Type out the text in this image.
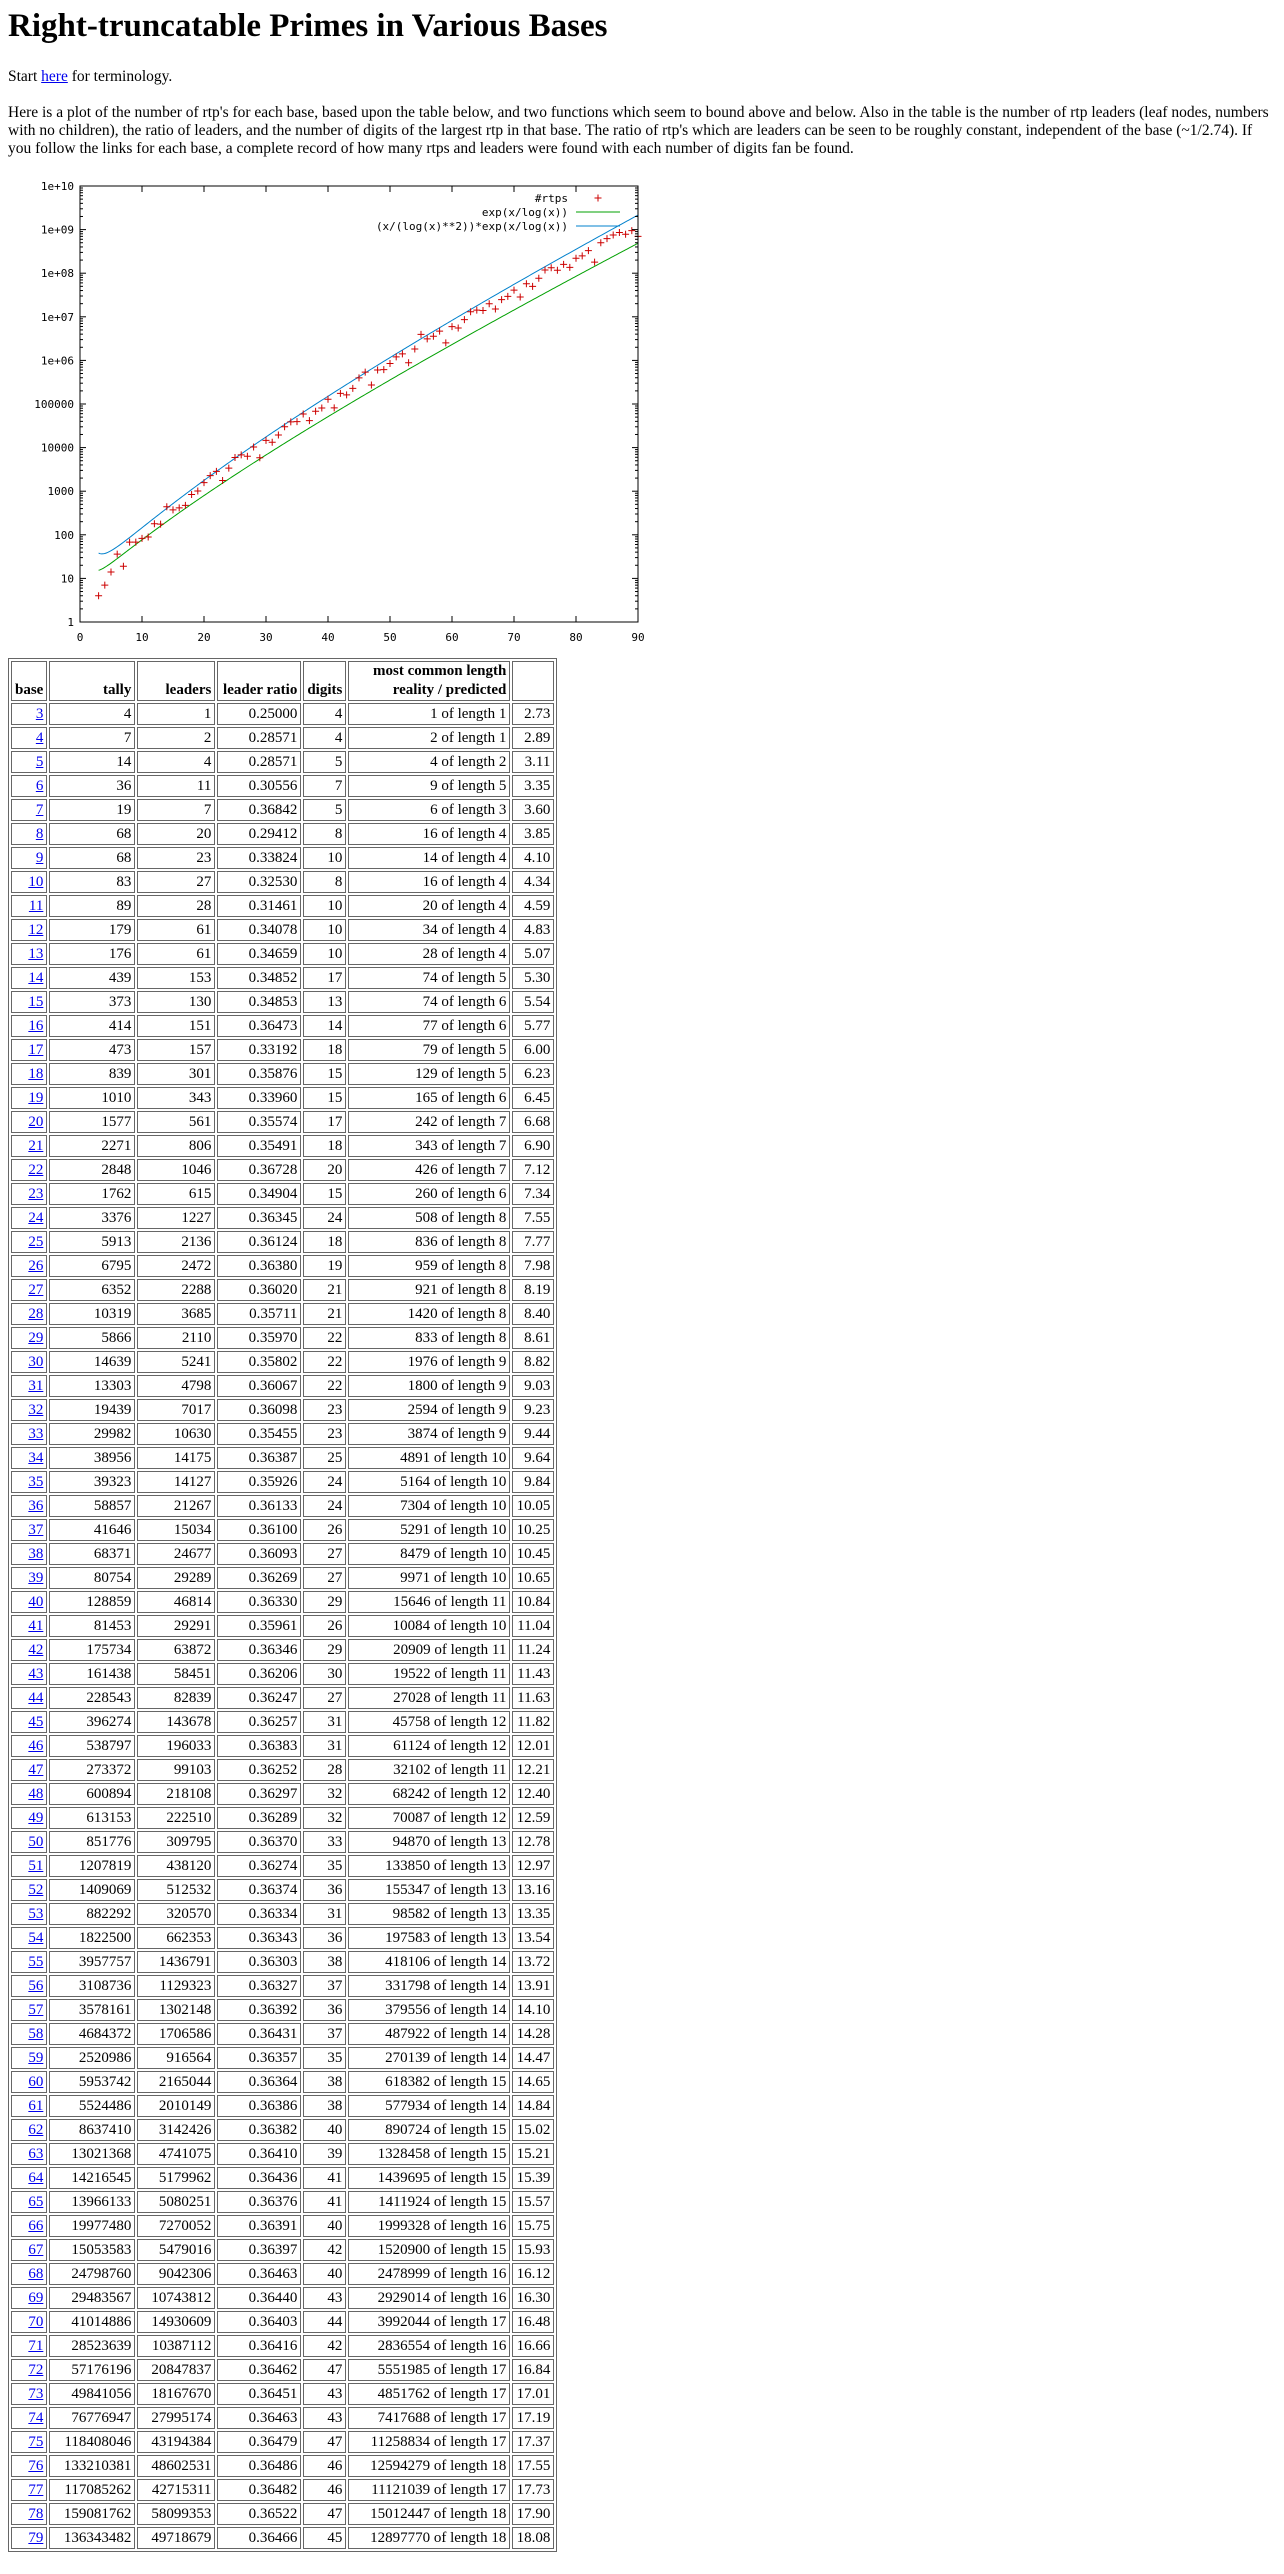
Right-truncatable Primes in Various Bases

Start here for terminology.

Here is a plot of the number of rtp's for each base, based upon the table below, and two functions which seem to bound above and below. Also in the table is the number of rtp leaders (leaf nodes, numbers with no children), the ratio of leaders, and the number of digits of the largest rtp in that base. The ratio of rtp's which are leaders can be seen to be roughly constant, independent of the base (~1/2.74). If you follow the links for each base, a complete record of how many rtps and leaders were found with each number of digits fan be found.

1
10
100
1000
10000
100000
1e+06
1e+07
1e+08
1e+09
1e+10
0	10	20	30	40	50	60	70	80	90
#rtps
exp(x/log(x))
(x/(log(x)**2))*exp(x/log(x))
base	tally	leaders	leader ratio	digits	most common length
reality / predicted	
3	4	1	0.25000	4	1 of length 1	2.73
4	7	2	0.28571	4	2 of length 1	2.89
5	14	4	0.28571	5	4 of length 2	3.11
6	36	11	0.30556	7	9 of length 5	3.35
7	19	7	0.36842	5	6 of length 3	3.60
8	68	20	0.29412	8	16 of length 4	3.85
9	68	23	0.33824	10	14 of length 4	4.10
10	83	27	0.32530	8	16 of length 4	4.34
11	89	28	0.31461	10	20 of length 4	4.59
12	179	61	0.34078	10	34 of length 4	4.83
13	176	61	0.34659	10	28 of length 4	5.07
14	439	153	0.34852	17	74 of length 5	5.30
15	373	130	0.34853	13	74 of length 6	5.54
16	414	151	0.36473	14	77 of length 6	5.77
17	473	157	0.33192	18	79 of length 5	6.00
18	839	301	0.35876	15	129 of length 5	6.23
19	1010	343	0.33960	15	165 of length 6	6.45
20	1577	561	0.35574	17	242 of length 7	6.68
21	2271	806	0.35491	18	343 of length 7	6.90
22	2848	1046	0.36728	20	426 of length 7	7.12
23	1762	615	0.34904	15	260 of length 6	7.34
24	3376	1227	0.36345	24	508 of length 8	7.55
25	5913	2136	0.36124	18	836 of length 8	7.77
26	6795	2472	0.36380	19	959 of length 8	7.98
27	6352	2288	0.36020	21	921 of length 8	8.19
28	10319	3685	0.35711	21	1420 of length 8	8.40
29	5866	2110	0.35970	22	833 of length 8	8.61
30	14639	5241	0.35802	22	1976 of length 9	8.82
31	13303	4798	0.36067	22	1800 of length 9	9.03
32	19439	7017	0.36098	23	2594 of length 9	9.23
33	29982	10630	0.35455	23	3874 of length 9	9.44
34	38956	14175	0.36387	25	4891 of length 10	9.64
35	39323	14127	0.35926	24	5164 of length 10	9.84
36	58857	21267	0.36133	24	7304 of length 10	10.05
37	41646	15034	0.36100	26	5291 of length 10	10.25
38	68371	24677	0.36093	27	8479 of length 10	10.45
39	80754	29289	0.36269	27	9971 of length 10	10.65
40	128859	46814	0.36330	29	15646 of length 11	10.84
41	81453	29291	0.35961	26	10084 of length 10	11.04
42	175734	63872	0.36346	29	20909 of length 11	11.24
43	161438	58451	0.36206	30	19522 of length 11	11.43
44	228543	82839	0.36247	27	27028 of length 11	11.63
45	396274	143678	0.36257	31	45758 of length 12	11.82
46	538797	196033	0.36383	31	61124 of length 12	12.01
47	273372	99103	0.36252	28	32102 of length 11	12.21
48	600894	218108	0.36297	32	68242 of length 12	12.40
49	613153	222510	0.36289	32	70087 of length 12	12.59
50	851776	309795	0.36370	33	94870 of length 13	12.78
51	1207819	438120	0.36274	35	133850 of length 13	12.97
52	1409069	512532	0.36374	36	155347 of length 13	13.16
53	882292	320570	0.36334	31	98582 of length 13	13.35
54	1822500	662353	0.36343	36	197583 of length 13	13.54
55	3957757	1436791	0.36303	38	418106 of length 14	13.72
56	3108736	1129323	0.36327	37	331798 of length 14	13.91
57	3578161	1302148	0.36392	36	379556 of length 14	14.10
58	4684372	1706586	0.36431	37	487922 of length 14	14.28
59	2520986	916564	0.36357	35	270139 of length 14	14.47
60	5953742	2165044	0.36364	38	618382 of length 15	14.65
61	5524486	2010149	0.36386	38	577934 of length 14	14.84
62	8637410	3142426	0.36382	40	890724 of length 15	15.02
63	13021368	4741075	0.36410	39	1328458 of length 15	15.21
64	14216545	5179962	0.36436	41	1439695 of length 15	15.39
65	13966133	5080251	0.36376	41	1411924 of length 15	15.57
66	19977480	7270052	0.36391	40	1999328 of length 16	15.75
67	15053583	5479016	0.36397	42	1520900 of length 15	15.93
68	24798760	9042306	0.36463	40	2478999 of length 16	16.12
69	29483567	10743812	0.36440	43	2929014 of length 16	16.30
70	41014886	14930609	0.36403	44	3992044 of length 17	16.48
71	28523639	10387112	0.36416	42	2836554 of length 16	16.66
72	57176196	20847837	0.36462	47	5551985 of length 17	16.84
73	49841056	18167670	0.36451	43	4851762 of length 17	17.01
74	76776947	27995174	0.36463	43	7417688 of length 17	17.19
75	118408046	43194384	0.36479	47	11258834 of length 17	17.37
76	133210381	48602531	0.36486	46	12594279 of length 18	17.55
77	117085262	42715311	0.36482	46	11121039 of length 17	17.73
78	159081762	58099353	0.36522	47	15012447 of length 18	17.90
79	136343482	49718679	0.36466	45	12897770 of length 18	18.08
